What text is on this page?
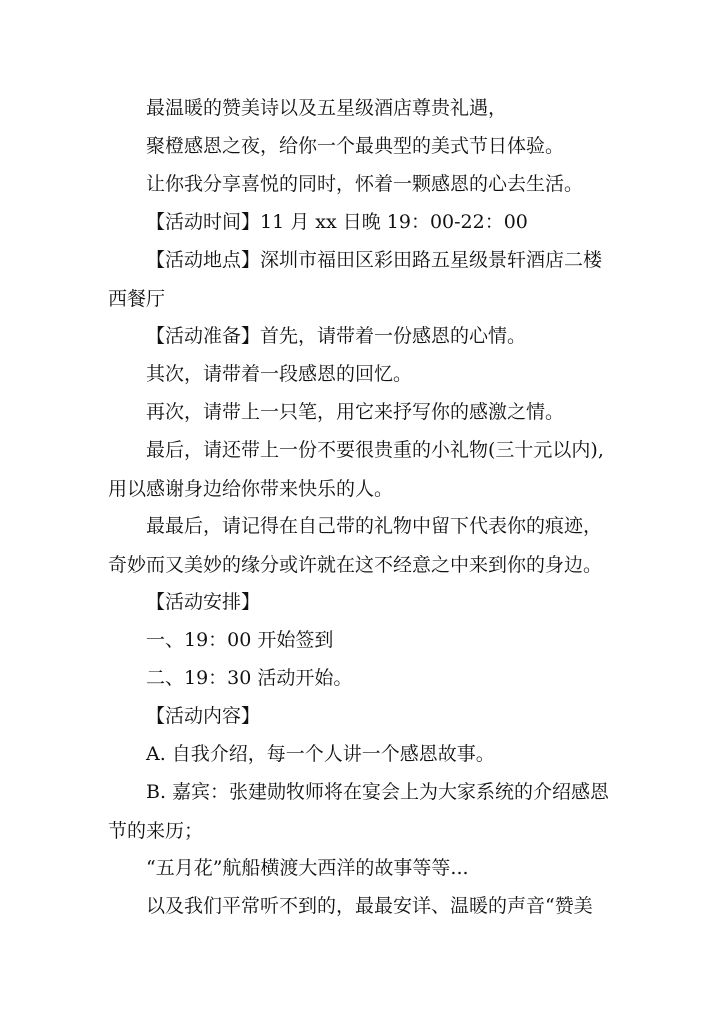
最温暖的赞美诗以及五星级酒店尊贵礼遇，

聚橙感恩之夜，给你一个最典型的美式节日体验。

让你我分享喜悦的同时，怀着一颗感恩的心去生活。

【活动时间】11 月 xx 日晚 19：00-22：00

【活动地点】深圳市福田区彩田路五星级景轩酒店二楼西餐厅

【活动准备】首先，请带着一份感恩的心情。

其次，请带着一段感恩的回忆。

再次，请带上一只笔，用它来抒写你的感激之情。

最后，请还带上一份不要很贵重的小礼物(三十元以内),用以感谢身边给你带来快乐的人。

最最后，请记得在自己带的礼物中留下代表你的痕迹，奇妙而又美妙的缘分或许就在这不经意之中来到你的身边。

【活动安排】

一、19：00 开始签到

二、19：30 活动开始。

【活动内容】

A. 自我介绍，每一个人讲一个感恩故事。

B. 嘉宾：张建勋牧师将在宴会上为大家系统的介绍感恩节的来历；

“五月花”航船横渡大西洋的故事等等...

以及我们平常听不到的，最最安详、温暖的声音“赞美
